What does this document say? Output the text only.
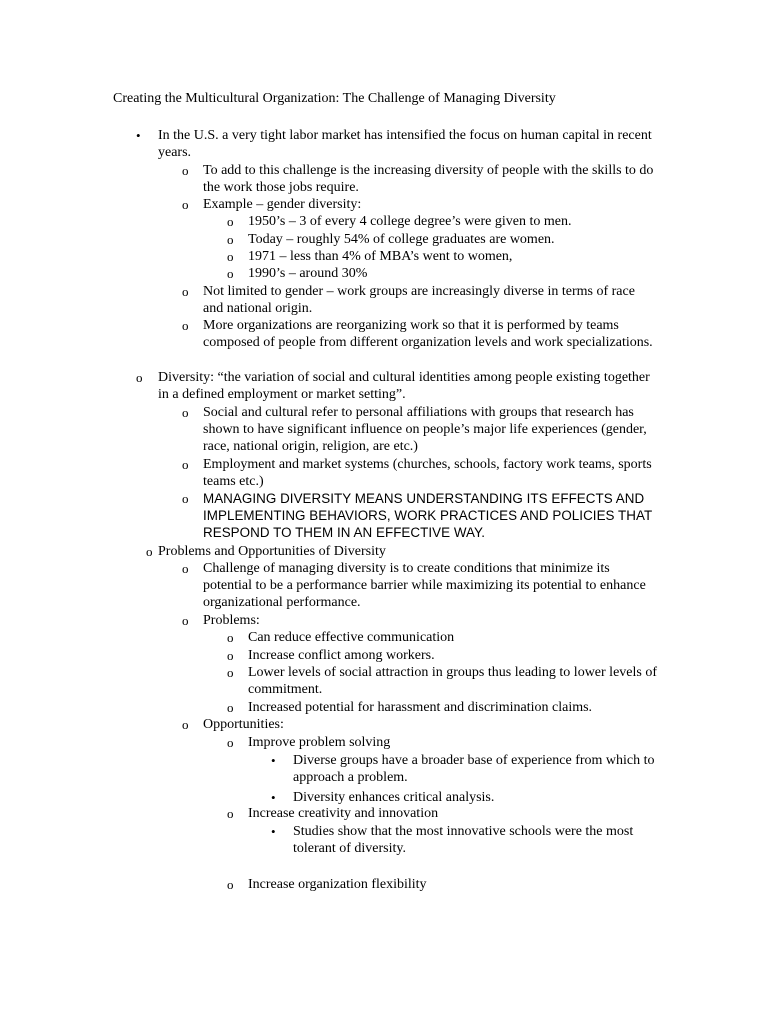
Creating the Multicultural Organization: The Challenge of Managing Diversity
• In the U.S. a very tight labor market has intensified the focus on human capital in recent years.
o To add to this challenge is the increasing diversity of people with the skills to do the work those jobs require.
o Example – gender diversity:
o 1950’s – 3 of every 4 college degree’s were given to men.
o Today – roughly 54% of college graduates are women.
o 1971 – less than 4% of MBA’s went to women,
o 1990’s – around 30%
o Not limited to gender – work groups are increasingly diverse in terms of race and national origin.
o More organizations are reorganizing work so that it is performed by teams composed of people from different organization levels and work specializations.
o Diversity: “the variation of social and cultural identities among people existing together in a defined employment or market setting”.
o Social and cultural refer to personal affiliations with groups that research has shown to have significant influence on people’s major life experiences (gender, race, national origin, religion, are etc.)
o Employment and market systems (churches, schools, factory work teams, sports teams etc.)
o MANAGING DIVERSITY MEANS UNDERSTANDING ITS EFFECTS AND IMPLEMENTING BEHAVIORS, WORK PRACTICES AND POLICIES THAT RESPOND TO THEM IN AN EFFECTIVE WAY.
o Problems and Opportunities of Diversity
o Challenge of managing diversity is to create conditions that minimize its potential to be a performance barrier while maximizing its potential to enhance organizational performance.
o Problems:
o Can reduce effective communication
o Increase conflict among workers.
o Lower levels of social attraction in groups thus leading to lower levels of commitment.
o Increased potential for harassment and discrimination claims.
o Opportunities:
o Improve problem solving
• Diverse groups have a broader base of experience from which to approach a problem.
• Diversity enhances critical analysis.
o Increase creativity and innovation
• Studies show that the most innovative schools were the most tolerant of diversity.
o Increase organization flexibility
